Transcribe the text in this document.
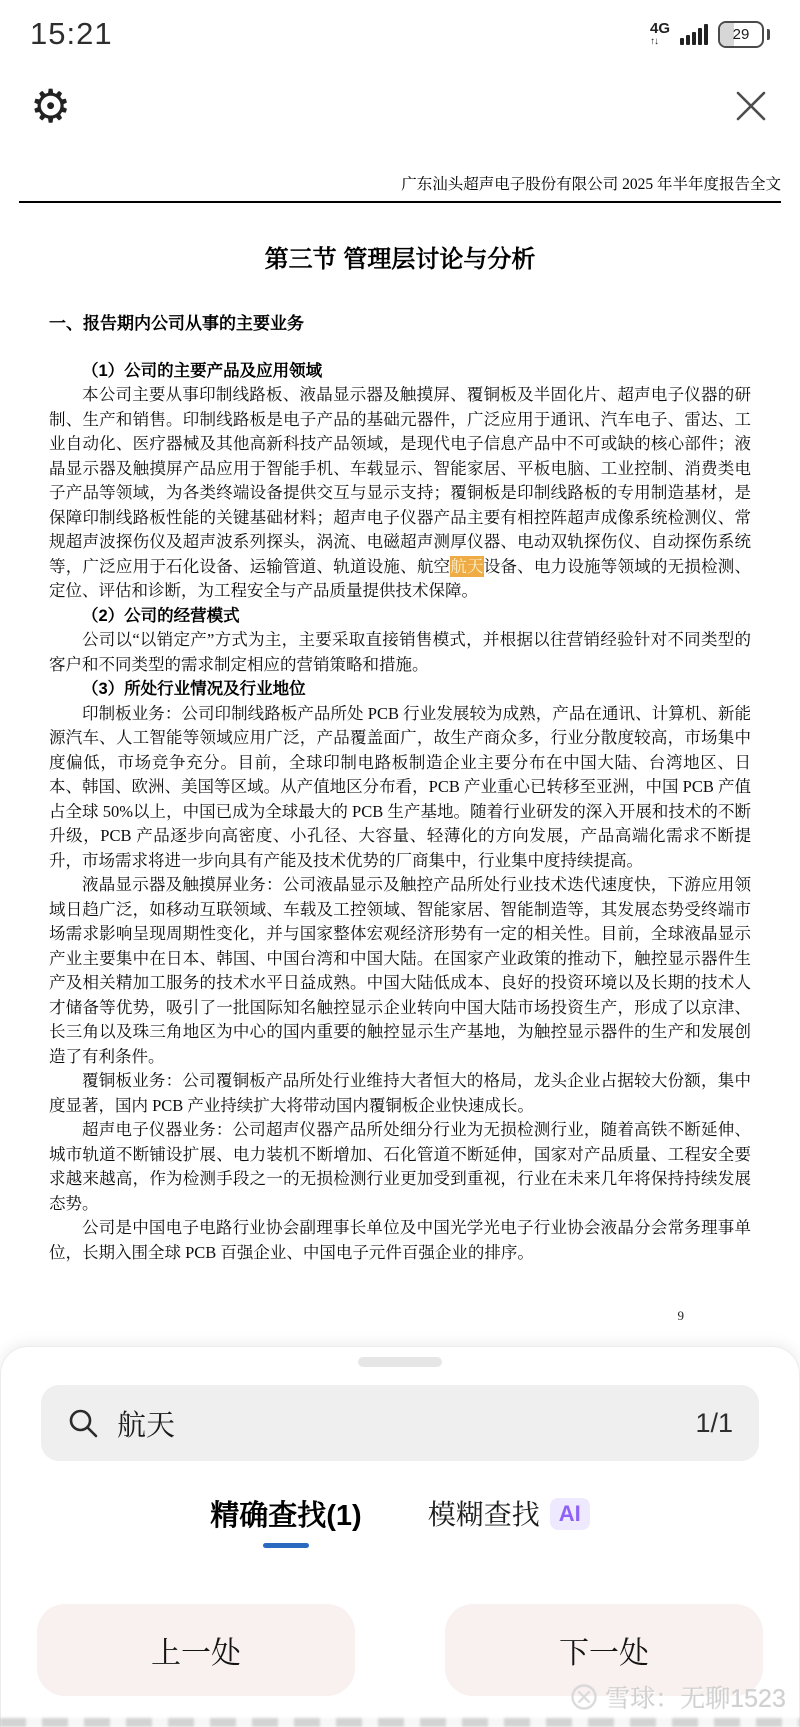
15:21	4G
↑↓	29
⚙
广东汕头超声电子股份有限公司 2025 年半年度报告全文
第三节 管理层讨论与分析

一、报告期内公司从事的主要业务

（1）公司的主要产品及应用领域

本公司主要从事印制线路板、液晶显示器及触摸屏、覆铜板及半固化片、超声电子仪器的研制、生产和销售。印制线路板是电子产品的基础元器件，广泛应用于通讯、汽车电子、雷达、工业自动化、医疗器械及其他高新科技产品领域，是现代电子信息产品中不可或缺的核心部件；液晶显示器及触摸屏产品应用于智能手机、车载显示、智能家居、平板电脑、工业控制、消费类电子产品等领域，为各类终端设备提供交互与显示支持；覆铜板是印制线路板的专用制造基材，是保障印制线路板性能的关键基础材料；超声电子仪器产品主要有相控阵超声成像系统检测仪、常规超声波探伤仪及超声波系列探头，涡流、电磁超声测厚仪器、电动双轨探伤仪、自动探伤系统等，广泛应用于石化设备、运输管道、轨道设施、航空航天设备、电力设施等领域的无损检测、定位、评估和诊断，为工程安全与产品质量提供技术保障。

（2）公司的经营模式

公司以“以销定产”方式为主，主要采取直接销售模式，并根据以往营销经验针对不同类型的客户和不同类型的需求制定相应的营销策略和措施。

（3）所处行业情况及行业地位

印制板业务：公司印制线路板产品所处 PCB 行业发展较为成熟，产品在通讯、计算机、新能源汽车、人工智能等领域应用广泛，产品覆盖面广，故生产商众多，行业分散度较高，市场集中度偏低，市场竞争充分。目前，全球印制电路板制造企业主要分布在中国大陆、台湾地区、日本、韩国、欧洲、美国等区域。从产值地区分布看，PCB 产业重心已转移至亚洲，中国 PCB 产值占全球 50%以上，中国已成为全球最大的 PCB 生产基地。随着行业研发的深入开展和技术的不断升级，PCB 产品逐步向高密度、小孔径、大容量、轻薄化的方向发展，产品高端化需求不断提升，市场需求将进一步向具有产能及技术优势的厂商集中，行业集中度持续提高。

液晶显示器及触摸屏业务：公司液晶显示及触控产品所处行业技术迭代速度快，下游应用领域日趋广泛，如移动互联领域、车载及工控领域、智能家居、智能制造等，其发展态势受终端市场需求影响呈现周期性变化，并与国家整体宏观经济形势有一定的相关性。目前，全球液晶显示产业主要集中在日本、韩国、中国台湾和中国大陆。在国家产业政策的推动下，触控显示器件生产及相关精加工服务的技术水平日益成熟。中国大陆低成本、良好的投资环境以及长期的技术人才储备等优势，吸引了一批国际知名触控显示企业转向中国大陆市场投资生产，形成了以京津、长三角以及珠三角地区为中心的国内重要的触控显示生产基地，为触控显示器件的生产和发展创造了有利条件。

覆铜板业务：公司覆铜板产品所处行业维持大者恒大的格局，龙头企业占据较大份额，集中度显著，国内 PCB 产业持续扩大将带动国内覆铜板企业快速成长。

超声电子仪器业务：公司超声仪器产品所处细分行业为无损检测行业，随着高铁不断延伸、城市轨道不断铺设扩展、电力装机不断增加、石化管道不断延伸，国家对产品质量、工程安全要求越来越高，作为检测手段之一的无损检测行业更加受到重视，行业在未来几年将保持持续发展态势。

公司是中国电子电路行业协会副理事长单位及中国光学光电子行业协会液晶分会常务理事单位，长期入围全球 PCB 百强企业、中国电子元件百强企业的排序。

9
航天	1/1
精确查找(1) 模糊查找 AI
上一处	下一处
雪球：无聊1523
